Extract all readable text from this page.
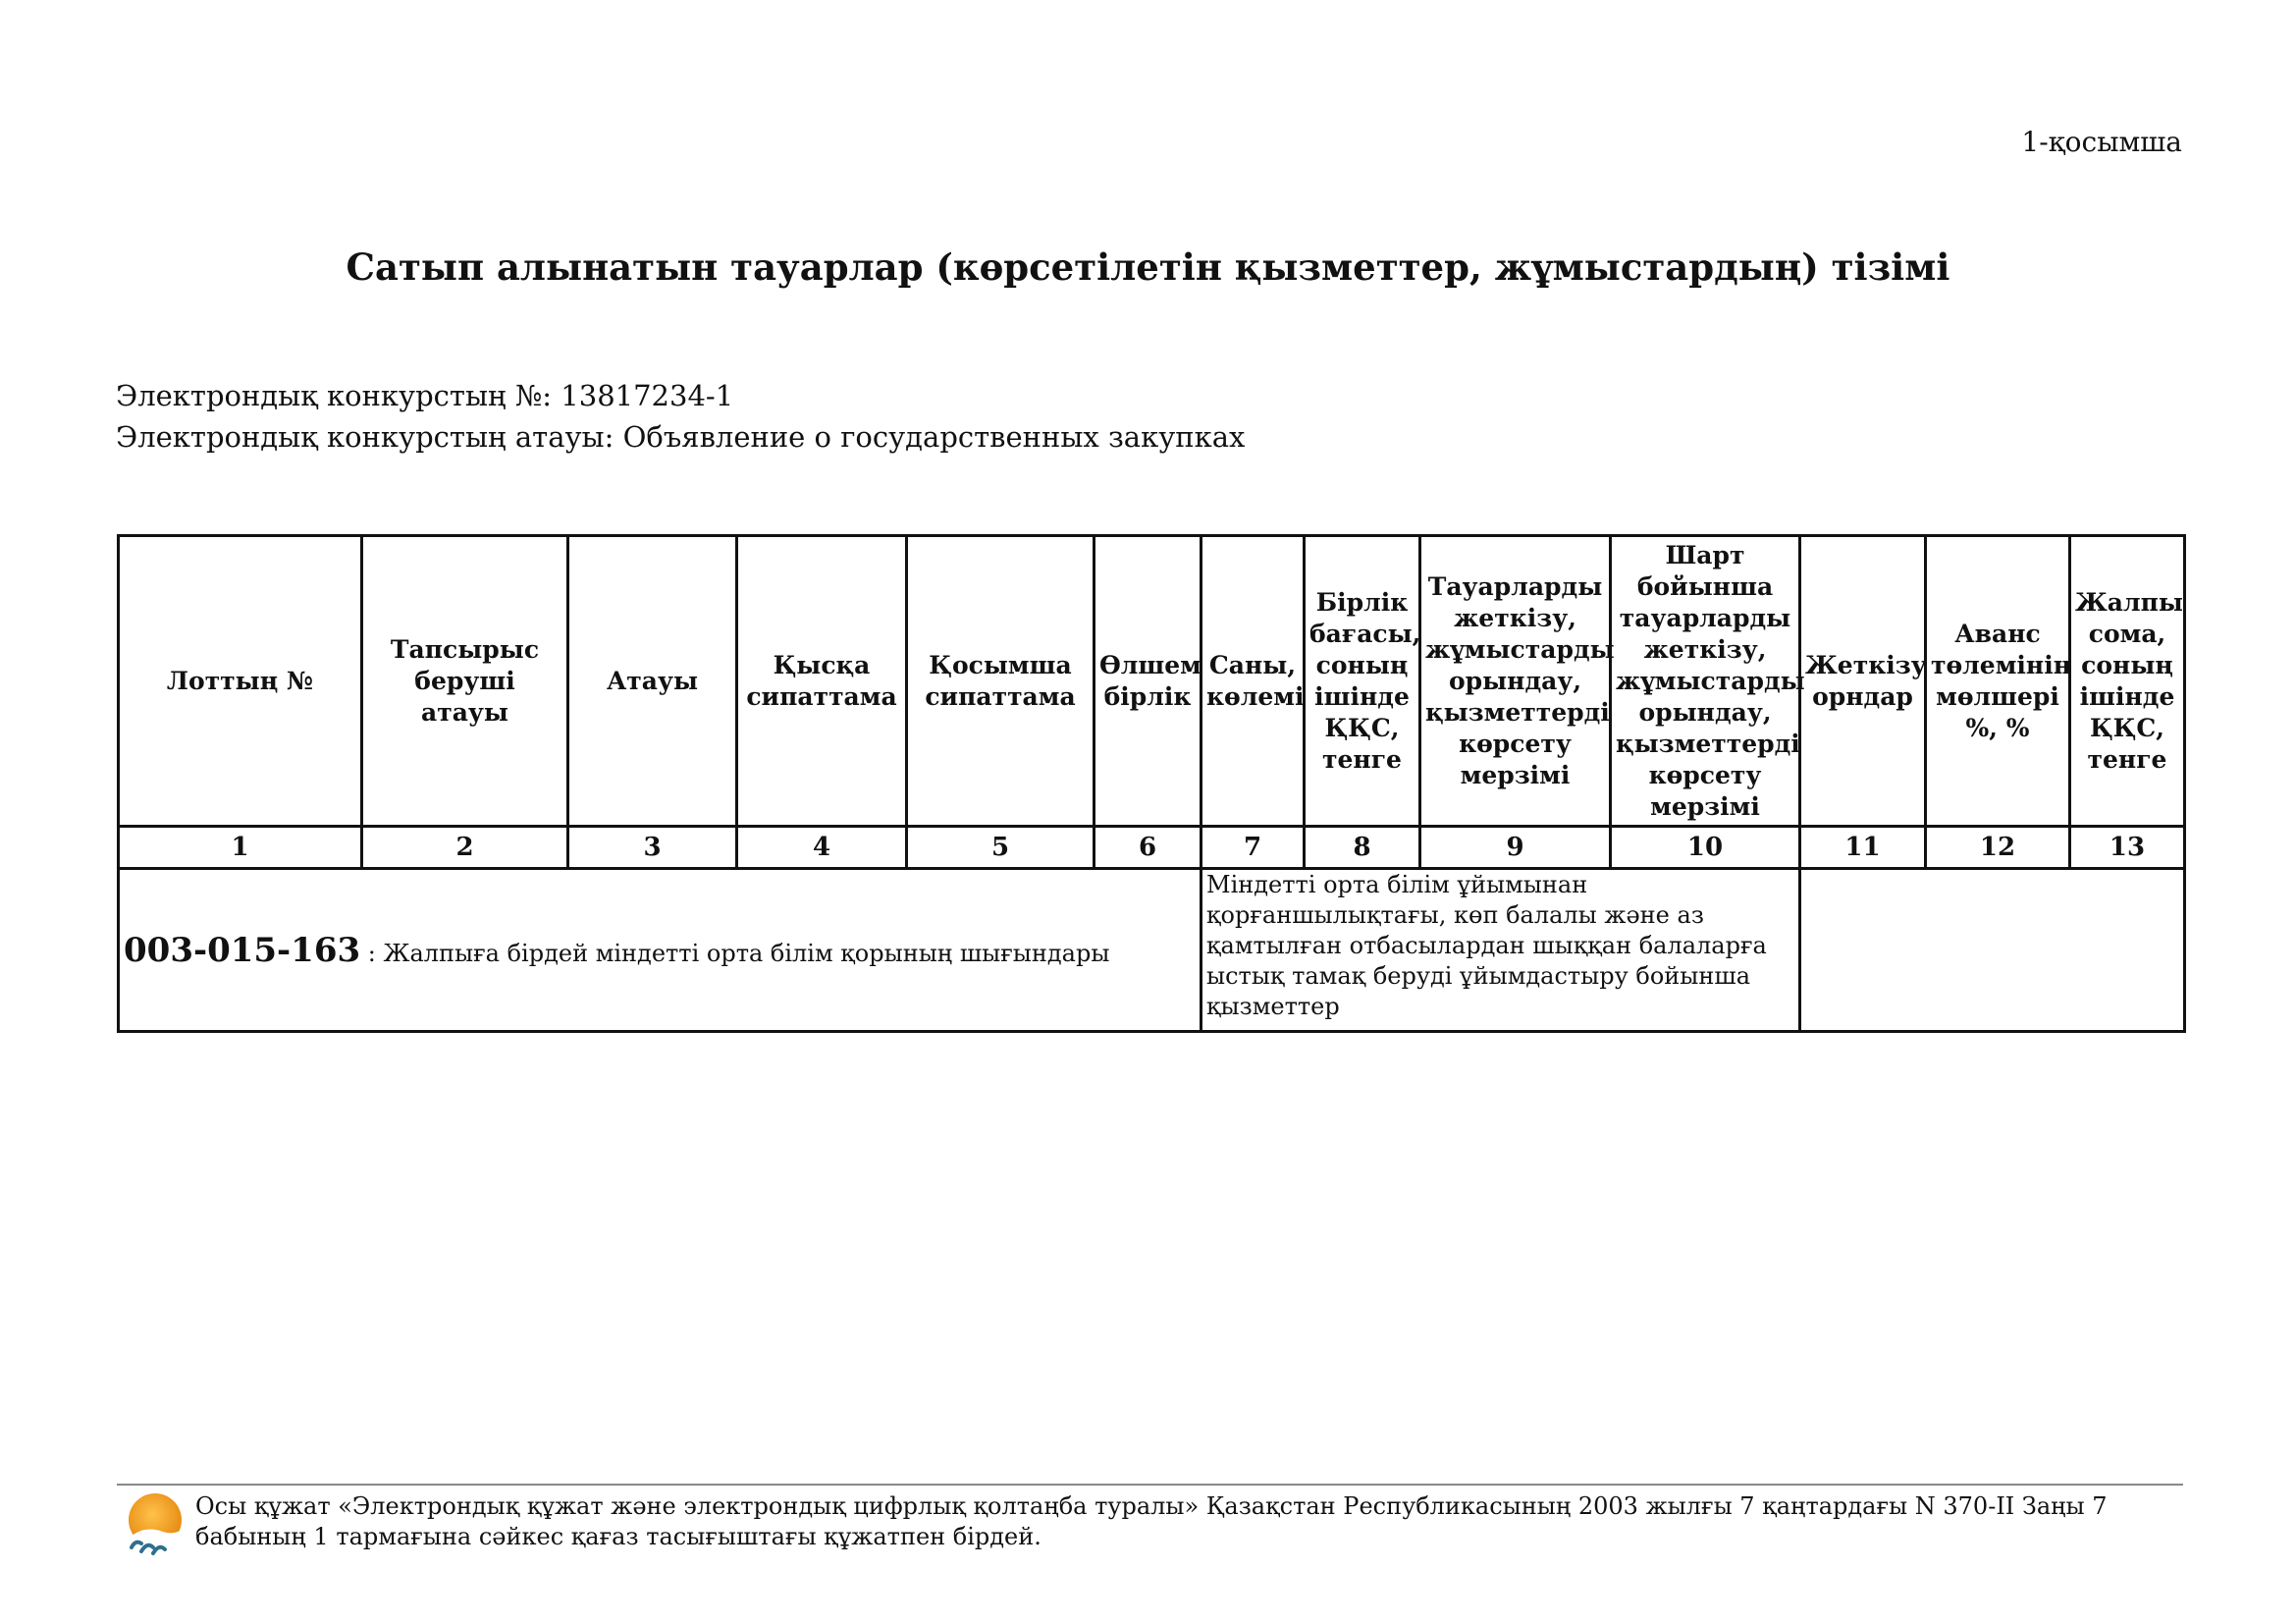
1-қосымша
Сатып алынатын тауарлар (көрсетілетін қызметтер, жұмыстардың) тізімі
Электрондық конкурстың №: 13817234-1
Электрондық конкурстың атауы: Объявление о государственных закупках
Лоттың №	Тапсырыс беруші атауы	Атауы	Қысқа сипаттама	Қосымша сипаттама	Өлшем бірлік	Саны, көлемі	Бірлік бағасы, соның ішінде ҚҚС, тенге	Тауарларды жеткізу, жұмыстарды орындау, қызметтерді көрсету мерзімі	Шарт бойынша тауарларды жеткізу, жұмыстарды орындау, қызметтерді көрсету мерзімі	Жеткізу орндар	Аванс төлемінің мөлшері %, %	Жалпы сома, соның ішінде ҚҚС, тенге
1	2	3	4	5	6	7	8	9	10	11	12	13
003-015-163 : Жалпыға бірдей міндетті орта білім қорының шығындары						Міндетті орта білім ұйымынан қорғаншылықтағы, көп балалы және аз қамтылған отбасылардан шыққан балаларға ыстық тамақ беруді ұйымдастыру бойынша қызметтер						
Осы құжат «Электрондық құжат және электрондық цифрлық қолтаңба туралы» Қазақстан Республикасының 2003 жылғы 7 қаңтардағы N 370-II Заңы 7 бабының 1 тармағына сәйкес қағаз тасығыштағы құжатпен бірдей.
